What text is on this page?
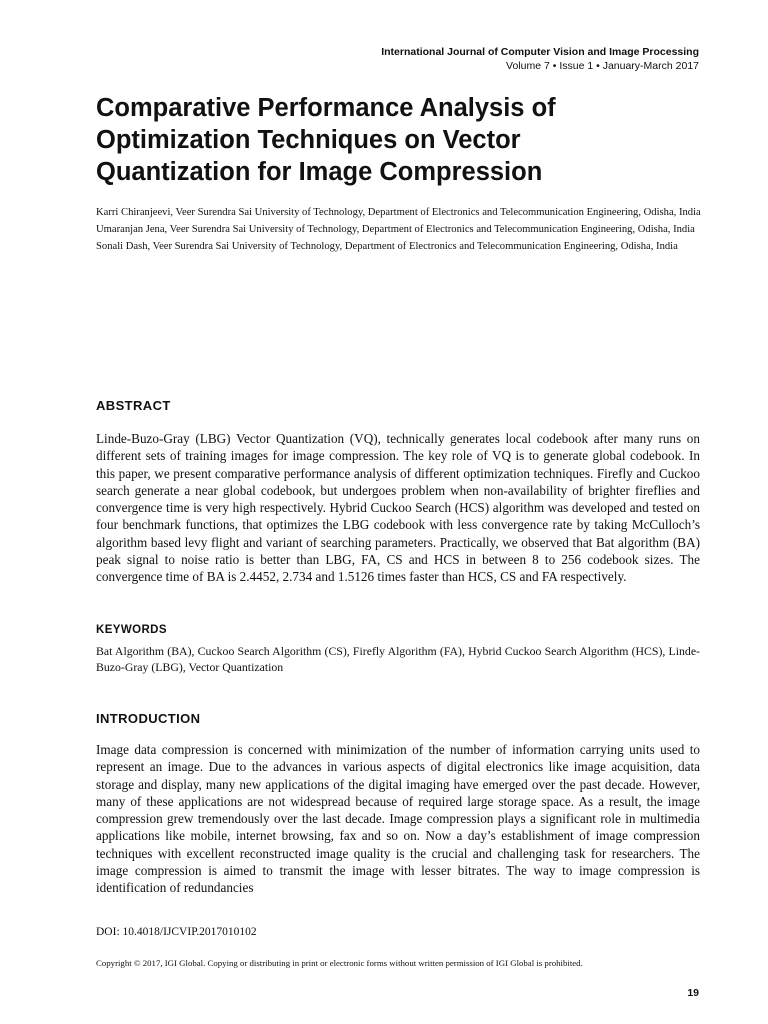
International Journal of Computer Vision and Image Processing
Volume 7 • Issue 1 • January-March 2017
Comparative Performance Analysis of Optimization Techniques on Vector Quantization for Image Compression

Karri Chiranjeevi, Veer Surendra Sai University of Technology, Department of Electronics and Telecommunication Engineering, Odisha, India

Umaranjan Jena, Veer Surendra Sai University of Technology, Department of Electronics and Telecommunication Engineering, Odisha, India

Sonali Dash, Veer Surendra Sai University of Technology, Department of Electronics and Telecommunication Engineering, Odisha, India

ABSTRACT

Linde-Buzo-Gray (LBG) Vector Quantization (VQ), technically generates local codebook after many runs on different sets of training images for image compression. The key role of VQ is to generate global codebook. In this paper, we present comparative performance analysis of different optimization techniques. Firefly and Cuckoo search generate a near global codebook, but undergoes problem when non-availability of brighter fireflies and convergence time is very high respectively. Hybrid Cuckoo Search (HCS) algorithm was developed and tested on four benchmark functions, that optimizes the LBG codebook with less convergence rate by taking McCulloch’s algorithm based levy flight and variant of searching parameters. Practically, we observed that Bat algorithm (BA) peak signal to noise ratio is better than LBG, FA, CS and HCS in between 8 to 256 codebook sizes. The convergence time of BA is 2.4452, 2.734 and 1.5126 times faster than HCS, CS and FA respectively.

KEYWORDS

Bat Algorithm (BA), Cuckoo Search Algorithm (CS), Firefly Algorithm (FA), Hybrid Cuckoo Search Algorithm (HCS), Linde-Buzo-Gray (LBG), Vector Quantization

INTRODUCTION

Image data compression is concerned with minimization of the number of information carrying units used to represent an image. Due to the advances in various aspects of digital electronics like image acquisition, data storage and display, many new applications of the digital imaging have emerged over the past decade. However, many of these applications are not widespread because of required large storage space. As a result, the image compression grew tremendously over the last decade. Image compression plays a significant role in multimedia applications like mobile, internet browsing, fax and so on. Now a day’s establishment of image compression techniques with excellent reconstructed image quality is the crucial and challenging task for researchers. The image compression is aimed to transmit the image with lesser bitrates. The way to image compression is identification of redundancies

DOI: 10.4018/IJCVIP.2017010102
Copyright © 2017, IGI Global. Copying or distributing in print or electronic forms without written permission of IGI Global is prohibited.
19
